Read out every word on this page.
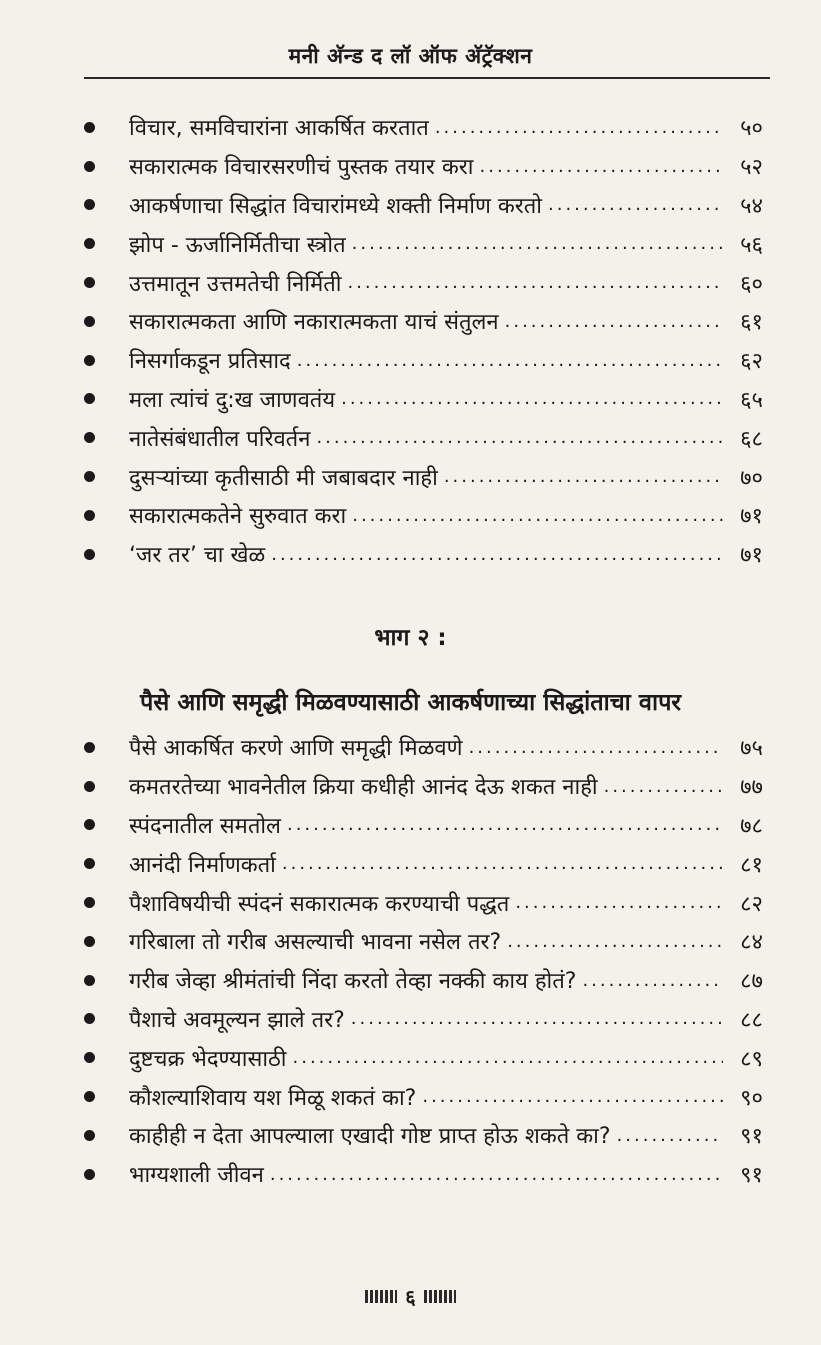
मनी अ‍ॅन्ड द लॉ ऑफ अ‍ॅट्रॅक्शन
विचार, समविचारांना आकर्षित करतात .....	५०
सकारात्मक विचारसरणीचं पुस्तक तयार करा .....	५२
आकर्षणाचा सिद्धांत विचारांमध्ये शक्ती निर्माण करतो .....	५४
झोप - ऊर्जानिर्मितीचा स्त्रोत .....	५६
उत्तमातून उत्तमतेची निर्मिती .....	६०
सकारात्मकता आणि नकारात्मकता याचं संतुलन .....	६१
निसर्गाकडून प्रतिसाद .....	६२
मला त्यांचं दु:ख जाणवतंय .....	६५
नातेसंबंधातील परिवर्तन .....	६८
दुसऱ्यांच्या कृतीसाठी मी जबाबदार नाही .....	७०
सकारात्मकतेने सुरुवात करा .....	७१
‘जर तर’ चा खेळ .....	७१
भाग २ :
पैसे आणि समृद्धी मिळवण्यासाठी आकर्षणाच्या सिद्धांताचा वापर
पैसे आकर्षित करणे आणि समृद्धी मिळवणे .....	७५
कमतरतेच्या भावनेतील क्रिया कधीही आनंद देऊ शकत नाही .....	७७
स्पंदनातील समतोल .....	७८
आनंदी निर्माणकर्ता .....	८१
पैशाविषयीची स्पंदनं सकारात्मक करण्याची पद्धत .....	८२
गरिबाला तो गरीब असल्याची भावना नसेल तर? .....	८४
गरीब जेव्हा श्रीमंतांची निंदा करतो तेव्हा नक्की काय होतं? .....	८७
पैशाचे अवमूल्यन झाले तर? .....	८८
दुष्टचक्र भेदण्यासाठी .....	८९
कौशल्याशिवाय यश मिळू शकतं का? .....	९०
काहीही न देता आपल्याला एखादी गोष्ट प्राप्त होऊ शकते का? .....	९१
भाग्यशाली जीवन .....	९१
६
